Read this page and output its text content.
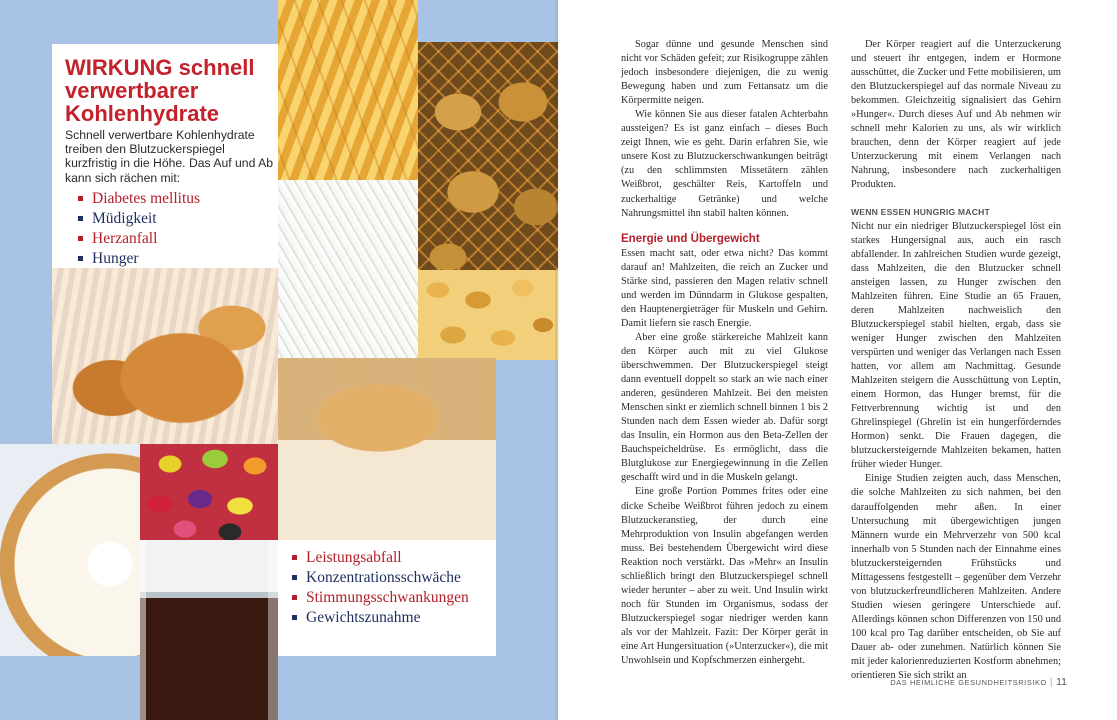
WIRKUNG schnell verwertbarer Kohlenhydrate

Schnell verwertbare Kohlenhydrate treiben den Blutzuckerspiegel kurzfristig in die Höhe. Das Auf und Ab kann sich rächen mit:

Diabetes mellitus
Müdigkeit
Herzanfall
Hunger
Leistungsabfall
Konzentrationsschwäche
Stimmungsschwankungen
Gewichtszunahme

Sogar dünne und gesunde Menschen sind nicht vor Schäden gefeit; zur Risikogruppe zählen jedoch insbesondere diejenigen, die zu wenig Bewegung haben und zum Fettansatz um die Körpermitte neigen.

Wie können Sie aus dieser fatalen Achterbahn aussteigen? Es ist ganz einfach – dieses Buch zeigt Ihnen, wie es geht. Darin erfahren Sie, wie unsere Kost zu Blutzuckerschwankungen beiträgt (zu den schlimmsten Missetätern zählen Weißbrot, geschälter Reis, Kartoffeln und zuckerhaltige Getränke) und welche Nahrungsmittel ihn stabil halten können.

Energie und Übergewicht

Essen macht satt, oder etwa nicht? Das kommt darauf an! Mahlzeiten, die reich an Zucker und Stärke sind, passieren den Magen relativ schnell und werden im Dünndarm in Glukose gespalten, den Hauptenergieträger für Muskeln und Gehirn. Damit liefern sie rasch Energie.

Aber eine große stärkereiche Mahlzeit kann den Körper auch mit zu viel Glukose überschwemmen. Der Blutzuckerspiegel steigt dann eventuell doppelt so stark an wie nach einer anderen, gesünderen Mahlzeit. Bei den meisten Menschen sinkt er ziemlich schnell binnen 1 bis 2 Stunden nach dem Essen wieder ab. Dafür sorgt das Insulin, ein Hormon aus den Beta-Zellen der Bauchspeicheldrüse. Es ermöglicht, dass die Blutglukose zur Energiegewinnung in die Zellen geschafft wird und in die Muskeln gelangt.

Eine große Portion Pommes frites oder eine dicke Scheibe Weißbrot führen jedoch zu einem Blutzuckeranstieg, der durch eine Mehrproduktion von Insulin abgefangen werden muss. Bei bestehendem Übergewicht wird diese Reaktion noch verstärkt. Das »Mehr« an Insulin schließlich bringt den Blutzuckerspiegel schnell wieder herunter – aber zu weit. Und Insulin wirkt noch für Stunden im Organismus, sodass der Blutzuckerspiegel sogar niedriger werden kann als vor der Mahlzeit. Fazit: Der Körper gerät in eine Art Hungersituation (»Unterzucker«), die mit Unwohlsein und Kopfschmerzen einhergeht.

Der Körper reagiert auf die Unterzuckerung und steuert ihr entgegen, indem er Hormone ausschüttet, die Zucker und Fette mobilisieren, um den Blutzuckerspiegel auf das normale Niveau zu bekommen. Gleichzeitig signalisiert das Gehirn »Hunger«. Durch dieses Auf und Ab nehmen wir schnell mehr Kalorien zu uns, als wir wirklich brauchen, denn der Körper reagiert auf jede Unterzuckerung mit einem Verlangen nach Nahrung, insbesondere nach zuckerhaltigen Produkten.

WENN ESSEN HUNGRIG MACHT

Nicht nur ein niedriger Blutzuckerspiegel löst ein starkes Hungersignal aus, auch ein rasch abfallender. In zahlreichen Studien wurde gezeigt, dass Mahlzeiten, die den Blutzucker schnell ansteigen lassen, zu Hunger zwischen den Mahlzeiten führen. Eine Studie an 65 Frauen, deren Mahlzeiten nachweislich den Blutzuckerspiegel stabil hielten, ergab, dass sie weniger Hunger zwischen den Mahlzeiten verspürten und weniger das Verlangen nach Essen hatten, vor allem am Nachmittag. Gesunde Mahlzeiten steigern die Ausschüttung von Leptin, einem Hormon, das Hunger bremst, für die Fettverbrennung wichtig ist und den Ghrelinspiegel (Ghrelin ist ein hungerförderndes Hormon) senkt. Die Frauen dagegen, die blutzuckersteigernde Mahlzeiten bekamen, hatten früher wieder Hunger.

Einige Studien zeigten auch, dass Menschen, die solche Mahlzeiten zu sich nahmen, bei den darauffolgenden mehr aßen. In einer Untersuchung mit übergewichtigen jungen Männern wurde ein Mehrverzehr von 500 kcal innerhalb von 5 Stunden nach der Einnahme eines blutzuckersteigernden Frühstücks und Mittagessens festgestellt – gegenüber dem Verzehr von blutzuckerfreundlicheren Mahlzeiten. Andere Studien wiesen geringere Unterschiede auf. Allerdings können schon Differenzen von 150 und 100 kcal pro Tag darüber entscheiden, ob Sie auf Dauer ab- oder zunehmen. Natürlich können Sie mit jeder kalorienreduzierten Kostform abnehmen; orientieren Sie sich strikt an

DAS HEIMLICHE GESUNDHEITSRISIKO | 11
